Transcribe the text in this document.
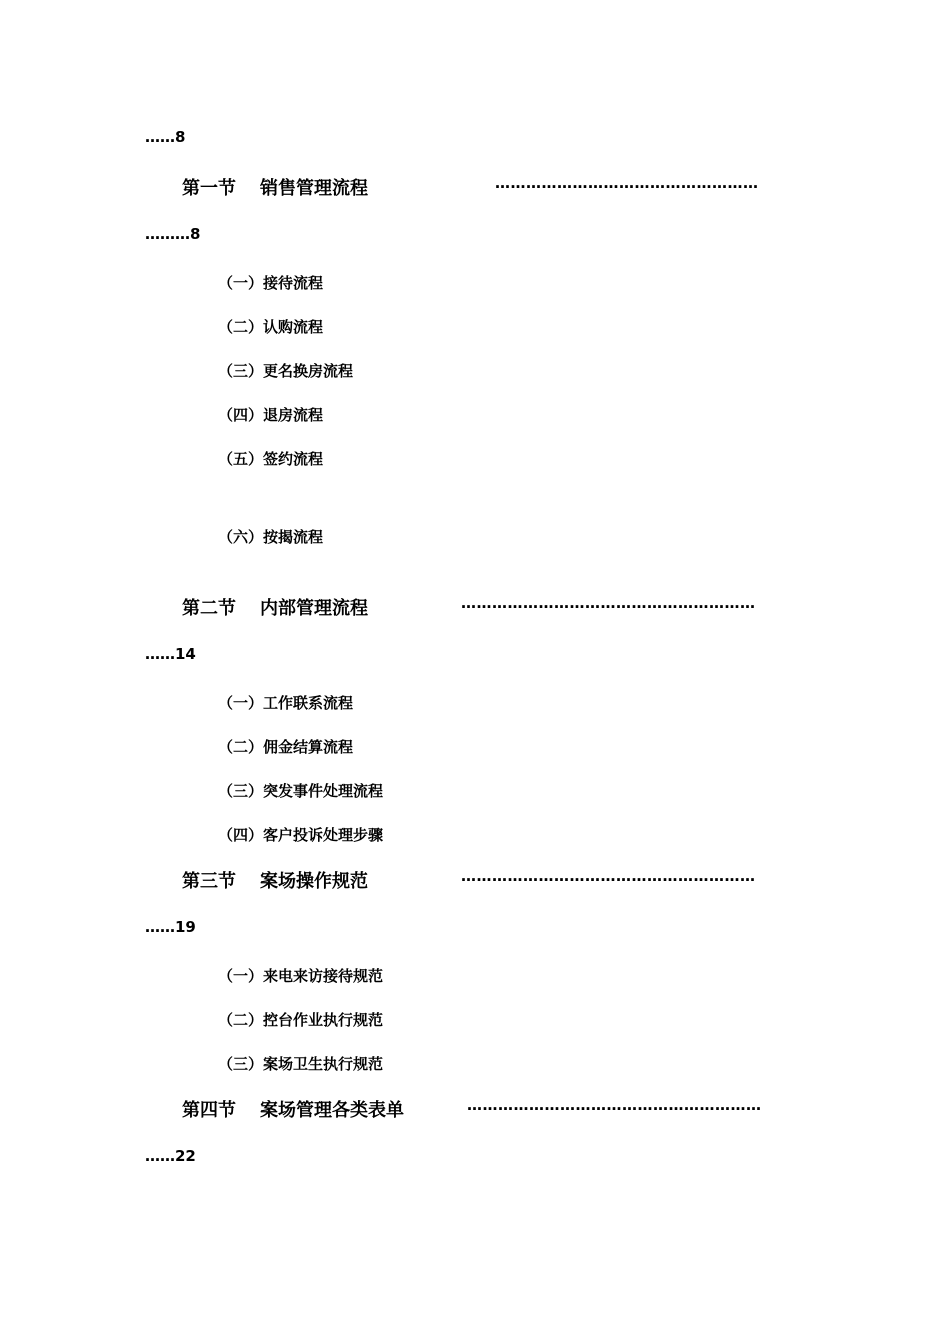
……8
第一节 销售管理流程	……………………………………………
………8
（一）接待流程
（二）认购流程
（三）更名换房流程
（四）退房流程
（五）签约流程
（六）按揭流程
第二节 内部管理流程	…………………………………………………
……14
（一）工作联系流程
（二）佣金结算流程
（三）突发事件处理流程
（四）客户投诉处理步骤
第三节 案场操作规范	…………………………………………………
……19
（一）来电来访接待规范
（二）控台作业执行规范
（三）案场卫生执行规范
第四节 案场管理各类表单	…………………………………………………
……22
